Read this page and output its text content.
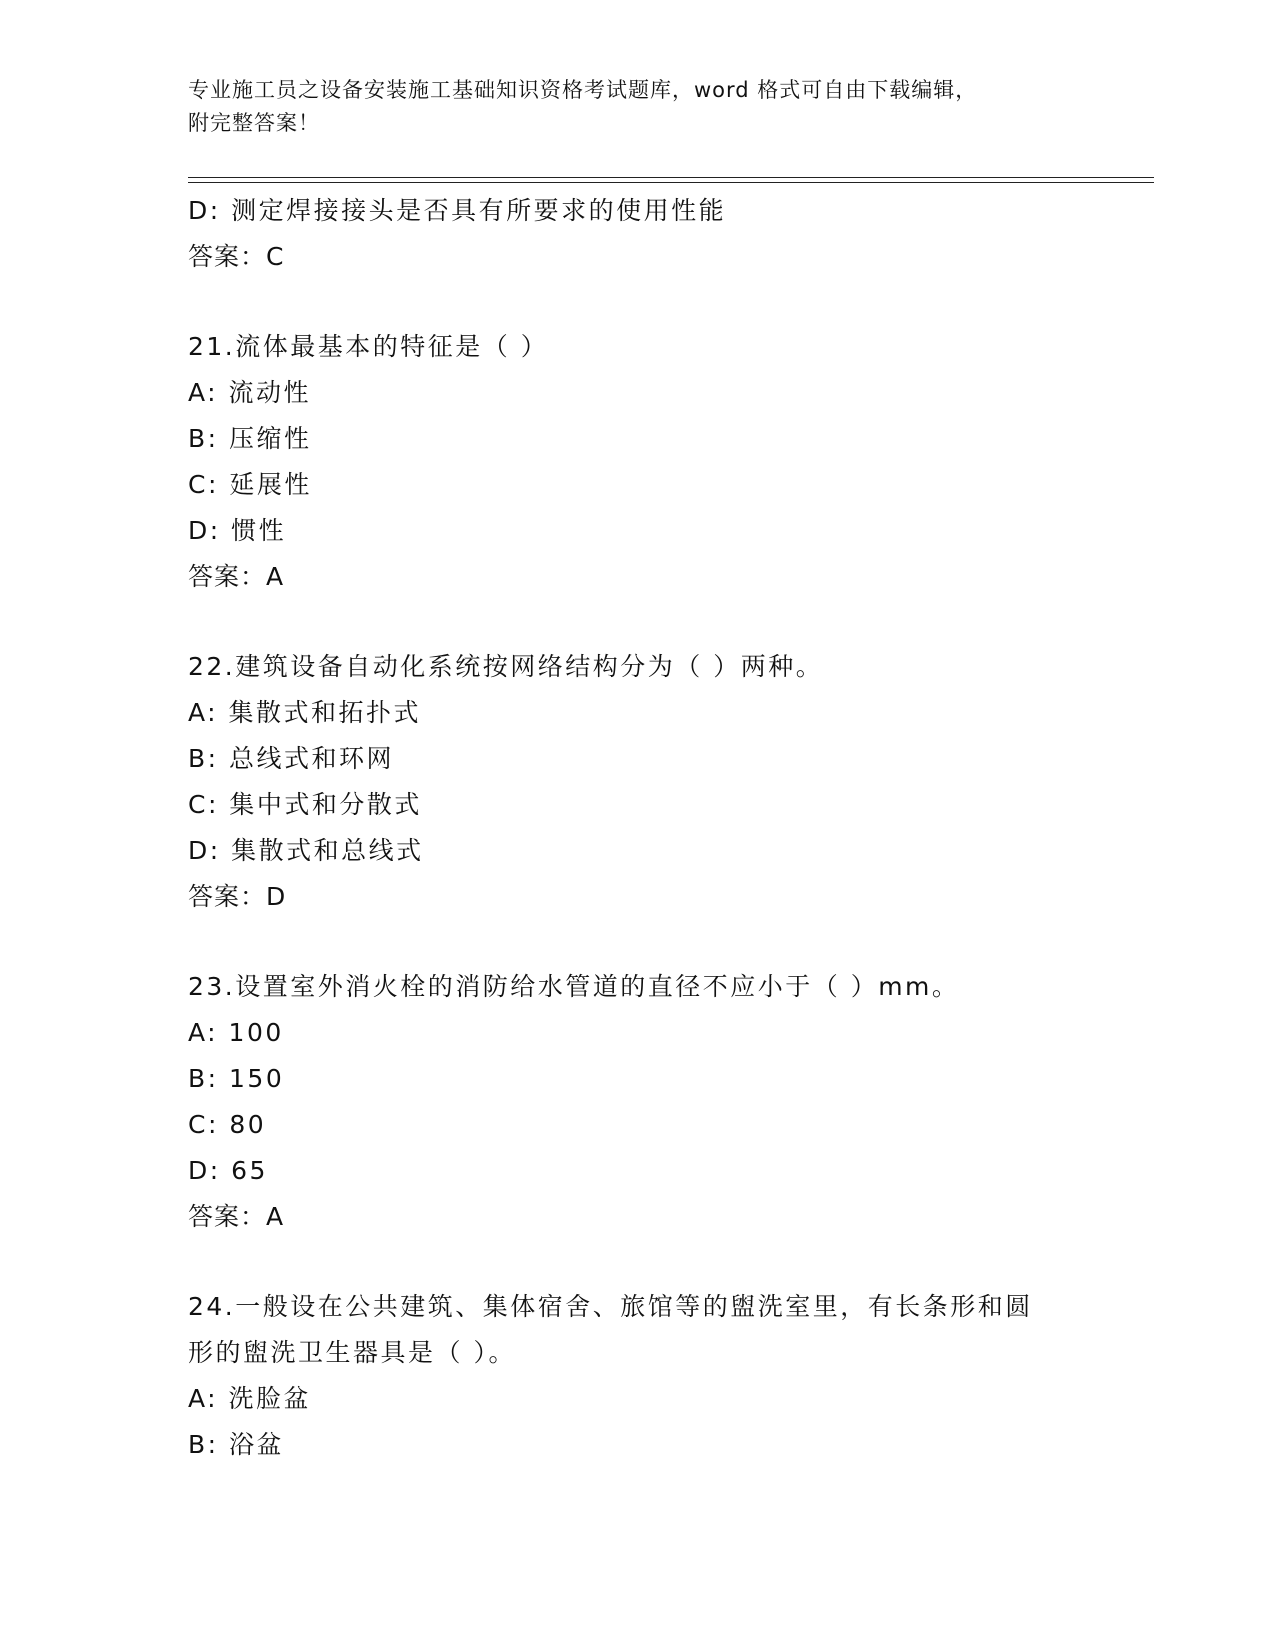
专业施工员之设备安装施工基础知识资格考试题库，word 格式可自由下载编辑，
附完整答案！
D: 测定焊接接头是否具有所要求的使用性能
答案：C
21.流体最基本的特征是（ ）
A: 流动性
B: 压缩性
C: 延展性
D: 惯性
答案：A
22.建筑设备自动化系统按网络结构分为（ ）两种。
A: 集散式和拓扑式
B: 总线式和环网
C: 集中式和分散式
D: 集散式和总线式
答案：D
23.设置室外消火栓的消防给水管道的直径不应小于（ ）mm。
A: 100
B: 150
C: 80
D: 65
答案：A
24.一般设在公共建筑、集体宿舍、旅馆等的盥洗室里，有长条形和圆
形的盥洗卫生器具是（ ）。
A: 洗脸盆
B: 浴盆
